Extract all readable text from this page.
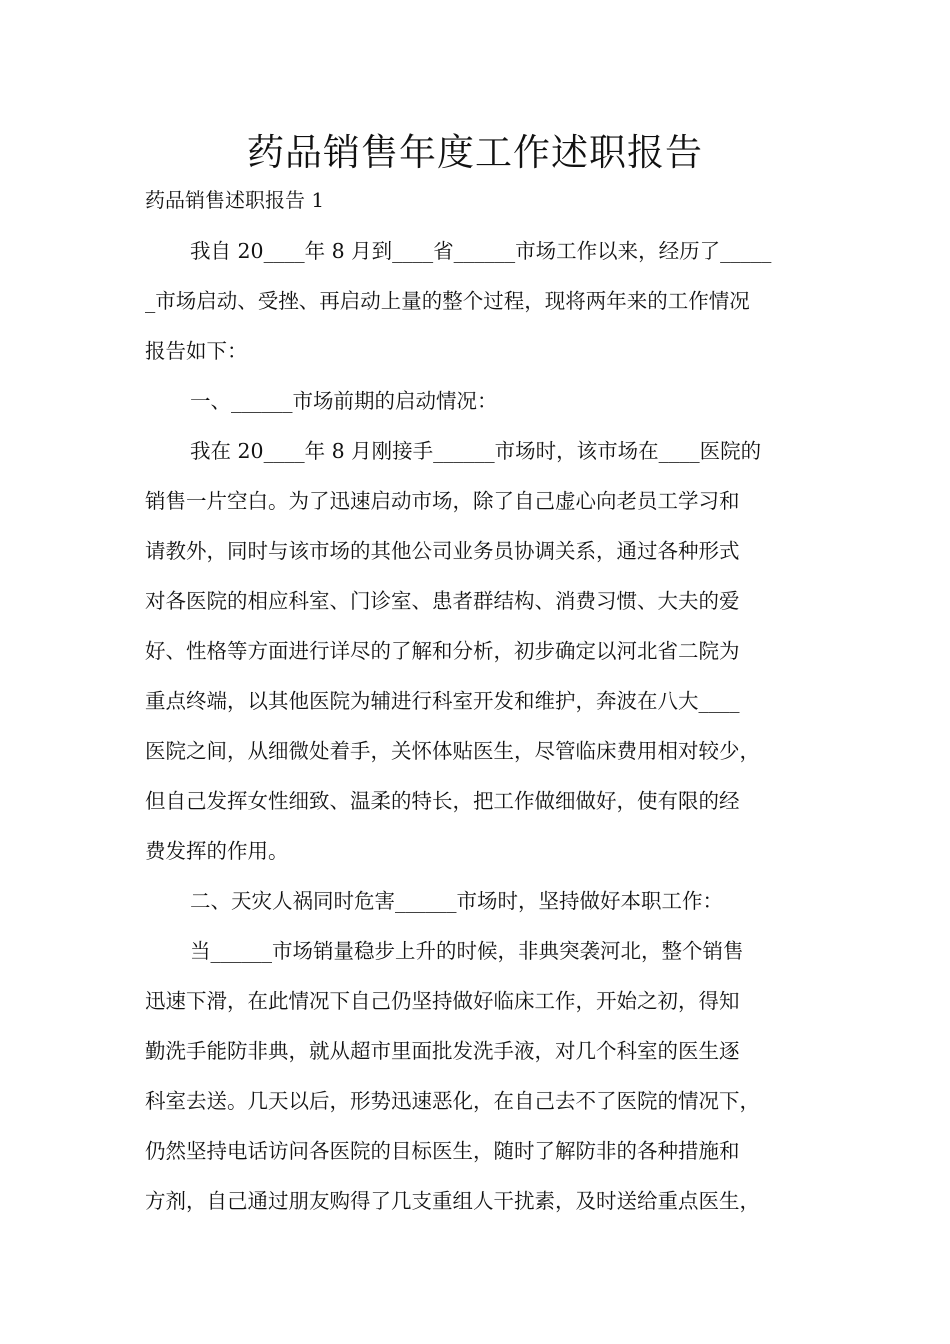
药品销售年度工作述职报告

药品销售述职报告 1

我自 20____年 8 月到____省______市场工作以来，经历了_____

_市场启动、受挫、再启动上量的整个过程，现将两年来的工作情况

报告如下：

一、______市场前期的启动情况：

我在 20____年 8 月刚接手______市场时，该市场在____医院的

销售一片空白。为了迅速启动市场，除了自己虚心向老员工学习和

请教外，同时与该市场的其他公司业务员协调关系，通过各种形式

对各医院的相应科室、门诊室、患者群结构、消费习惯、大夫的爱

好、性格等方面进行详尽的了解和分析，初步确定以河北省二院为

重点终端，以其他医院为辅进行科室开发和维护，奔波在八大____

医院之间，从细微处着手，关怀体贴医生，尽管临床费用相对较少，

但自己发挥女性细致、温柔的特长，把工作做细做好，使有限的经

费发挥的作用。

二、天灾人祸同时危害______市场时，坚持做好本职工作：

当______市场销量稳步上升的时候，非典突袭河北，整个销售

迅速下滑，在此情况下自己仍坚持做好临床工作，开始之初，得知

勤洗手能防非典，就从超市里面批发洗手液，对几个科室的医生逐

科室去送。几天以后，形势迅速恶化，在自己去不了医院的情况下，

仍然坚持电话访问各医院的目标医生，随时了解防非的各种措施和

方剂，自己通过朋友购得了几支重组人干扰素，及时送给重点医生，
